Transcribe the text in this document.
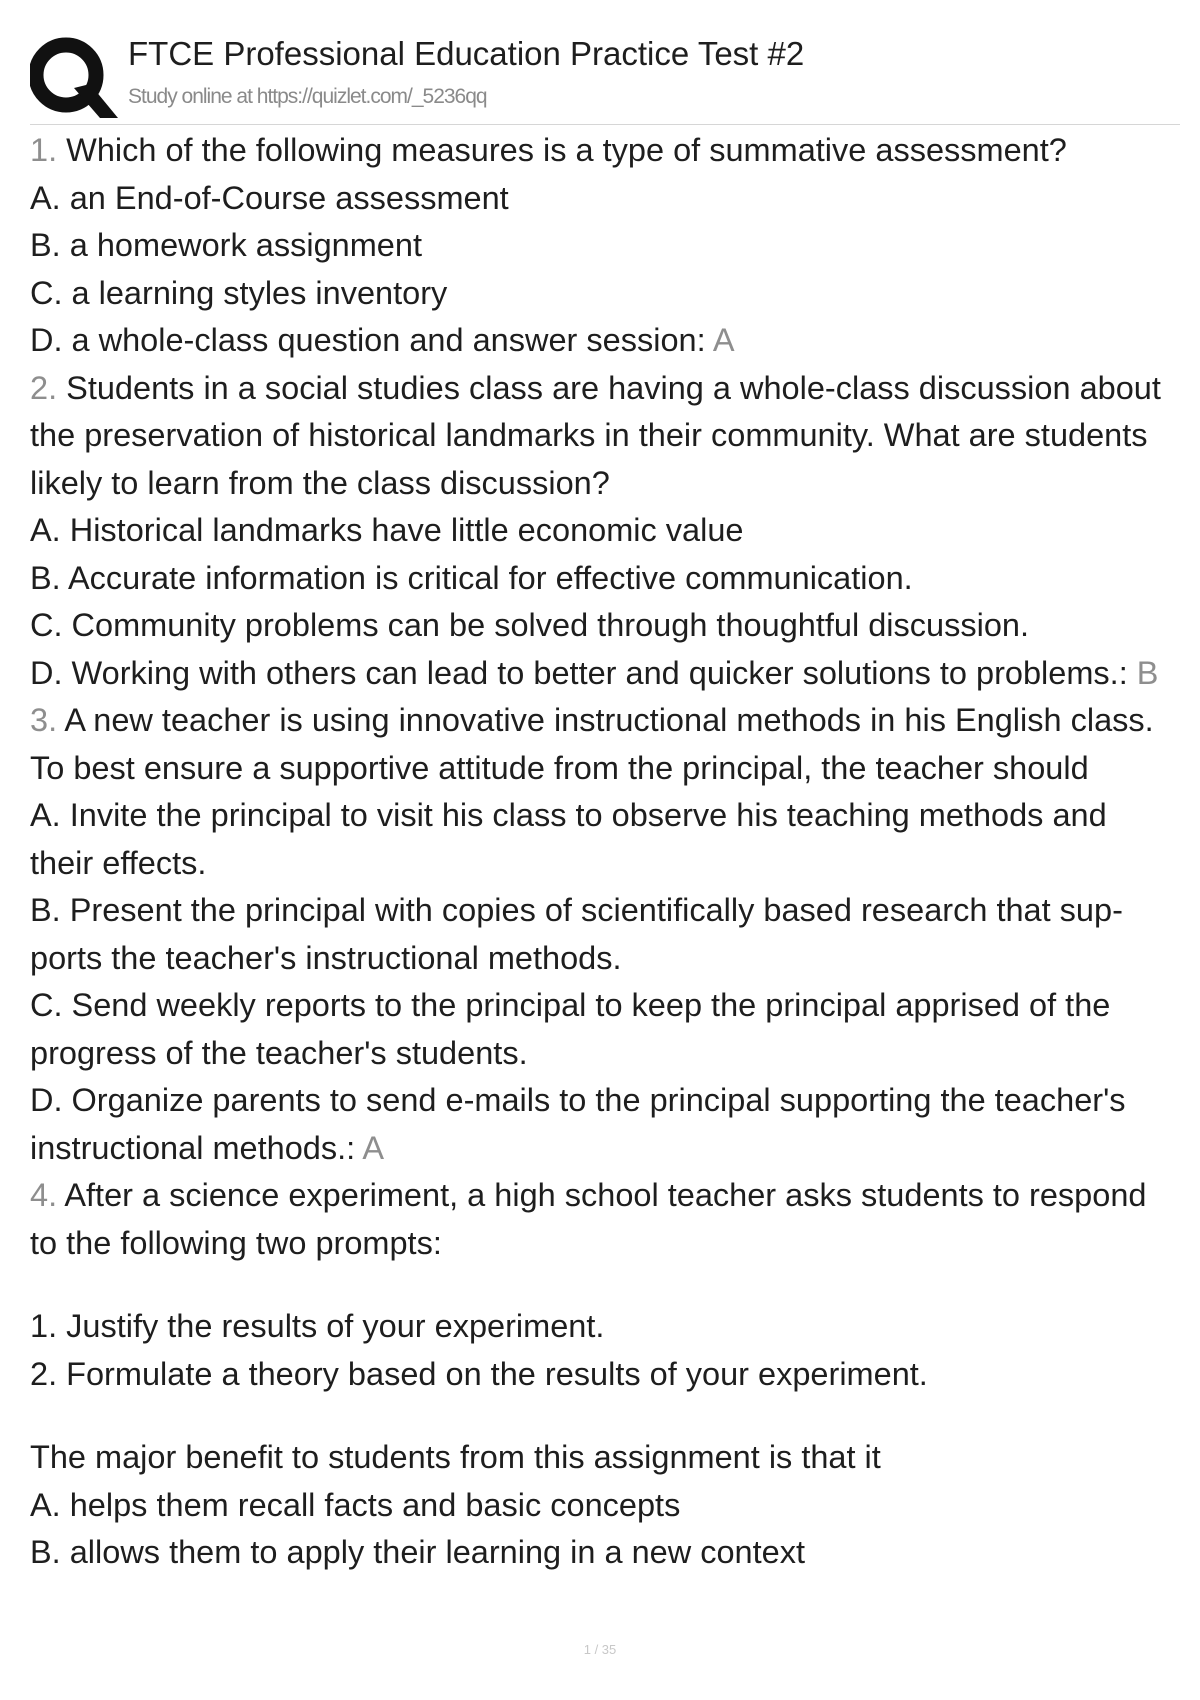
FTCE Professional Education Practice Test #2
Study online at https://quizlet.com/_5236qq
1. Which of the following measures is a type of summative assessment?
A. an End-of-Course assessment
B. a homework assignment
C. a learning styles inventory
D. a whole-class question and answer session: A
2. Students in a social studies class are having a whole-class discussion about
the preservation of historical landmarks in their community. What are students
likely to learn from the class discussion?
A. Historical landmarks have little economic value
B. Accurate information is critical for effective communication.
C. Community problems can be solved through thoughtful discussion.
D. Working with others can lead to better and quicker solutions to problems.: B
3. A new teacher is using innovative instructional methods in his English class.
To best ensure a supportive attitude from the principal, the teacher should
A. Invite the principal to visit his class to observe his teaching methods and
their effects.
B. Present the principal with copies of scientifically based research that sup-
ports the teacher's instructional methods.
C. Send weekly reports to the principal to keep the principal apprised of the
progress of the teacher's students.
D. Organize parents to send e-mails to the principal supporting the teacher's
instructional methods.: A
4. After a science experiment, a high school teacher asks students to respond
to the following two prompts:
1. Justify the results of your experiment.
2. Formulate a theory based on the results of your experiment.
The major benefit to students from this assignment is that it
A. helps them recall facts and basic concepts
B. allows them to apply their learning in a new context
1 / 35
